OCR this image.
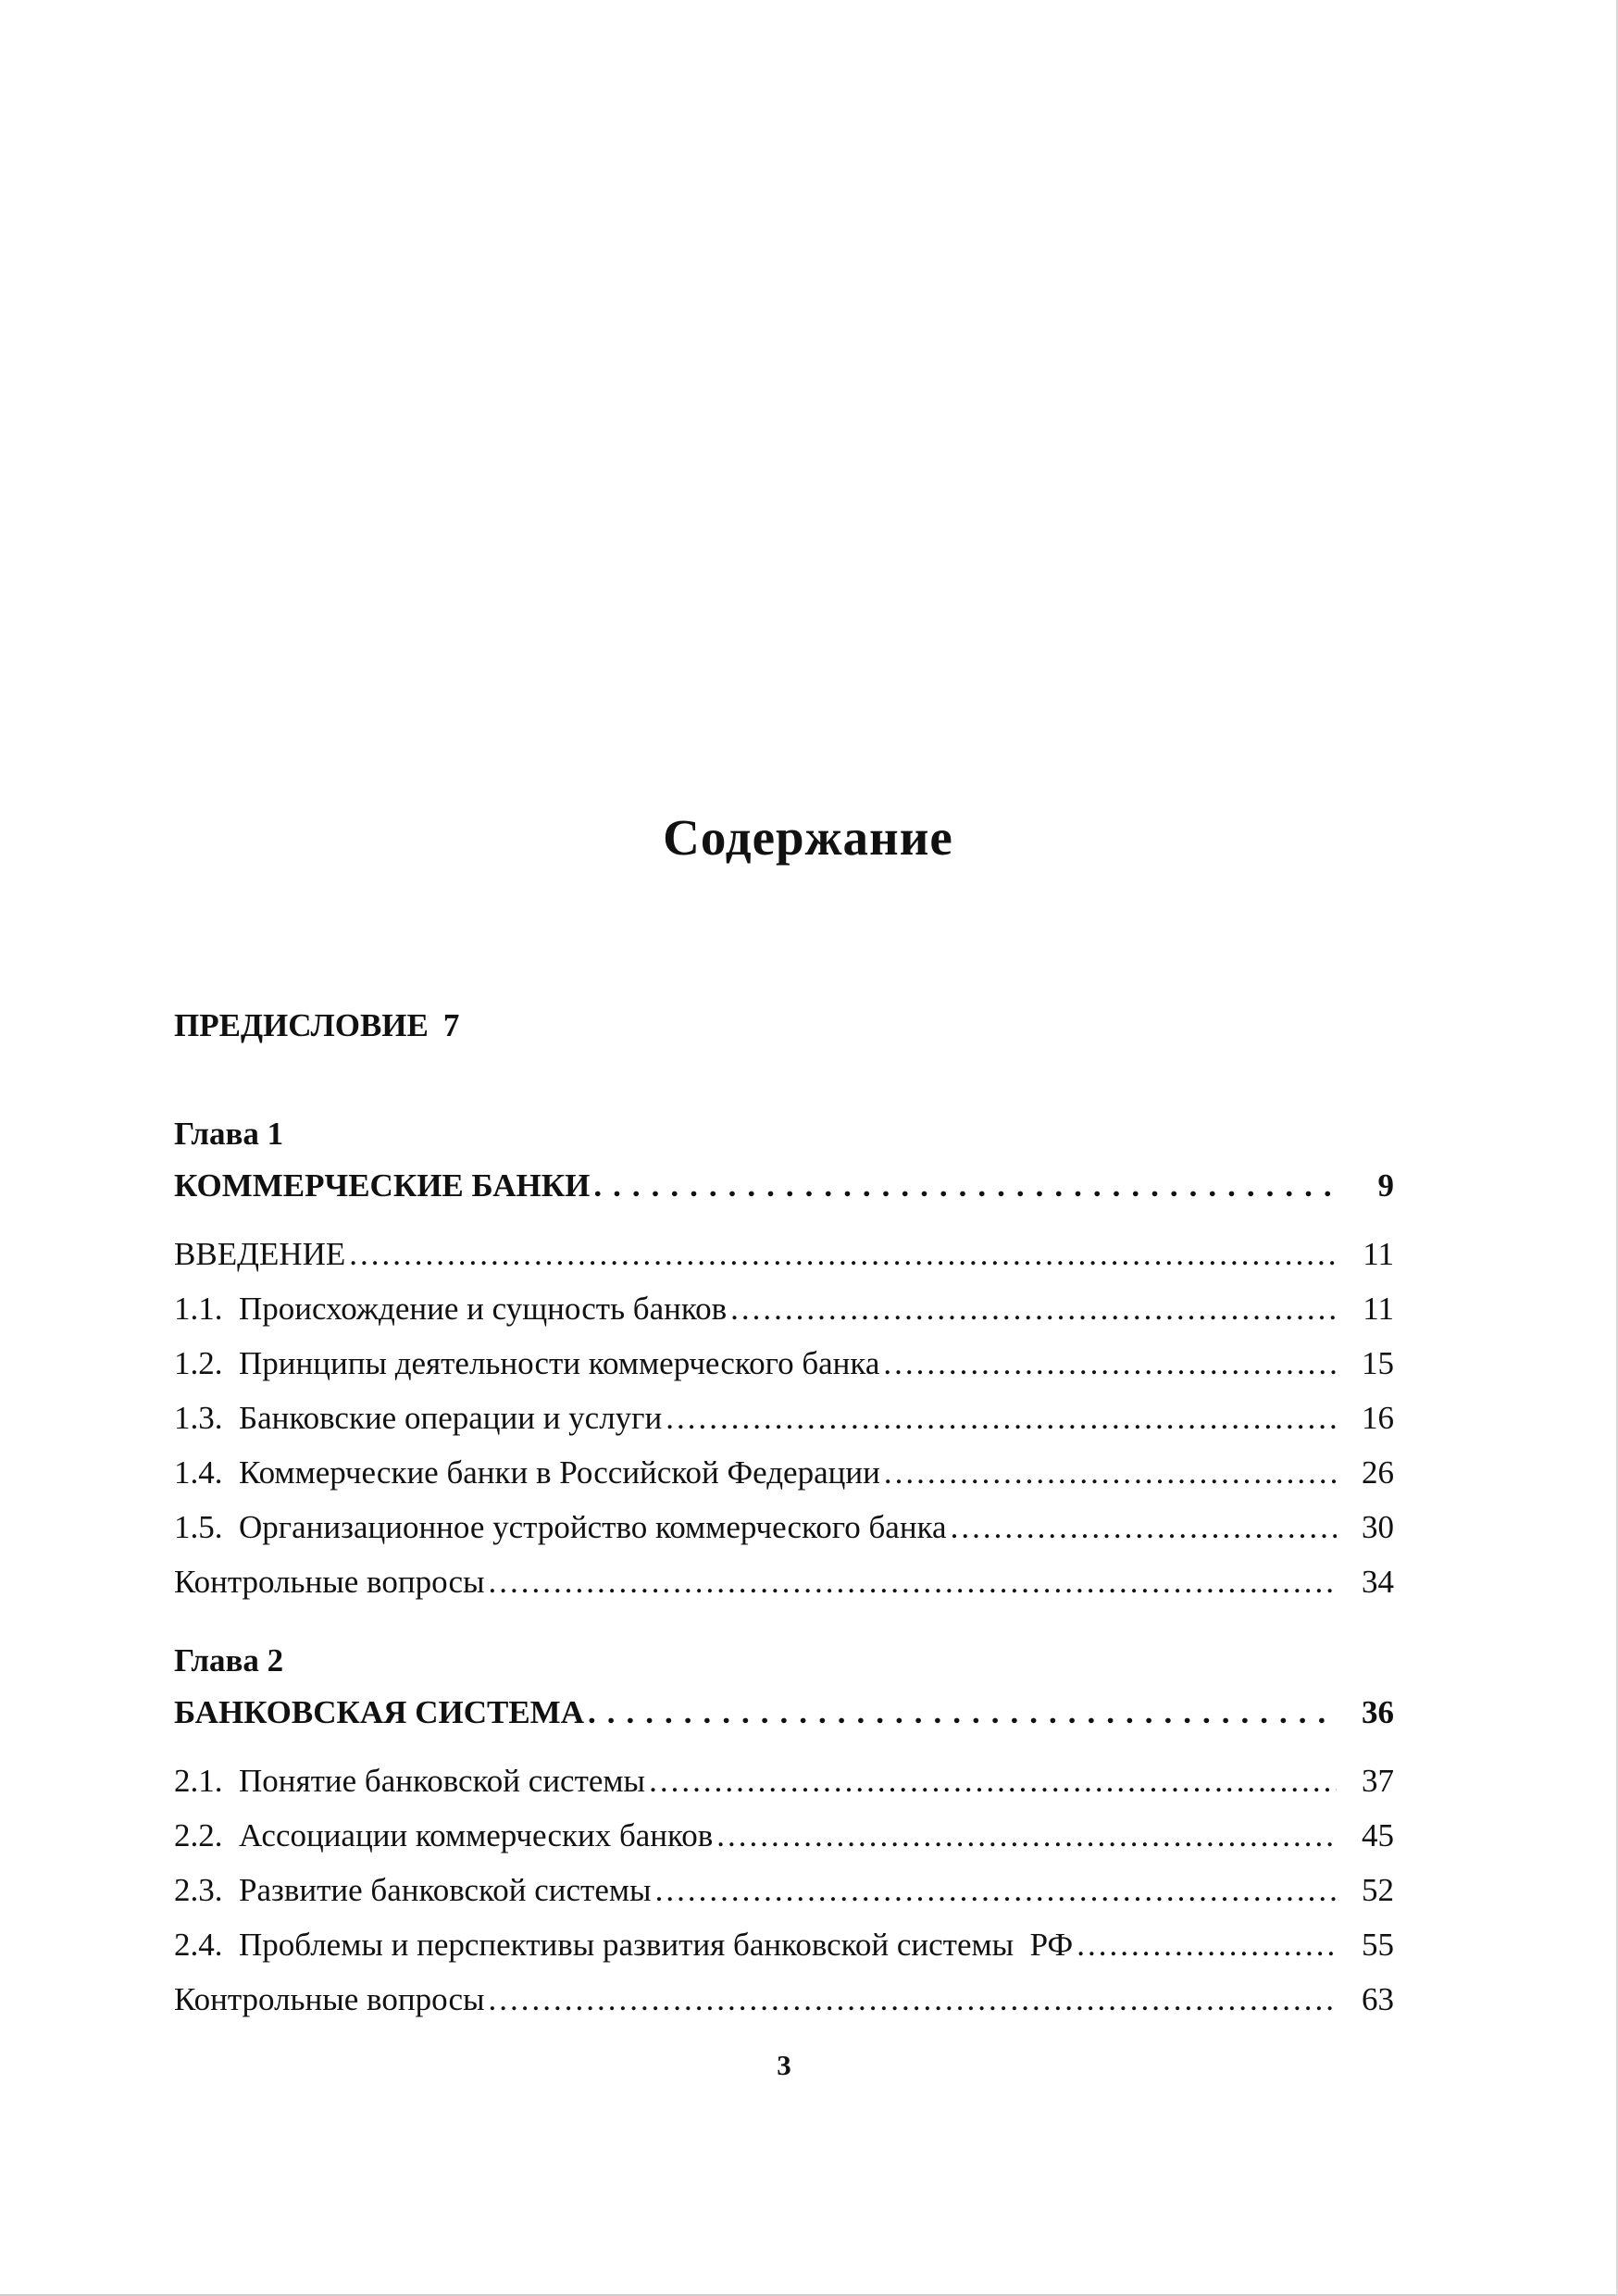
Содержание
ПРЕДИСЛОВИЕ 7
Глава 1
КОММЕРЧЕСКИЕ БАНКИ .....	9
ВВЕДЕНИЕ .....	11
1.1.  Происхождение и сущность банков .....	11
1.2.  Принципы деятельности коммерческого банка .....	15
1.3.  Банковские операции и услуги .....	16
1.4.  Коммерческие банки в Российской Федерации .....	26
1.5.  Организационное устройство коммерческого банка .....	30
Контрольные вопросы .....	34
Глава 2
БАНКОВСКАЯ СИСТЕМА .....	36
2.1.  Понятие банковской системы .....	37
2.2.  Ассоциации коммерческих банков .....	45
2.3.  Развитие банковской системы .....	52
2.4.  Проблемы и перспективы развития банковской системы  РФ .....	55
Контрольные вопросы .....	63
3
